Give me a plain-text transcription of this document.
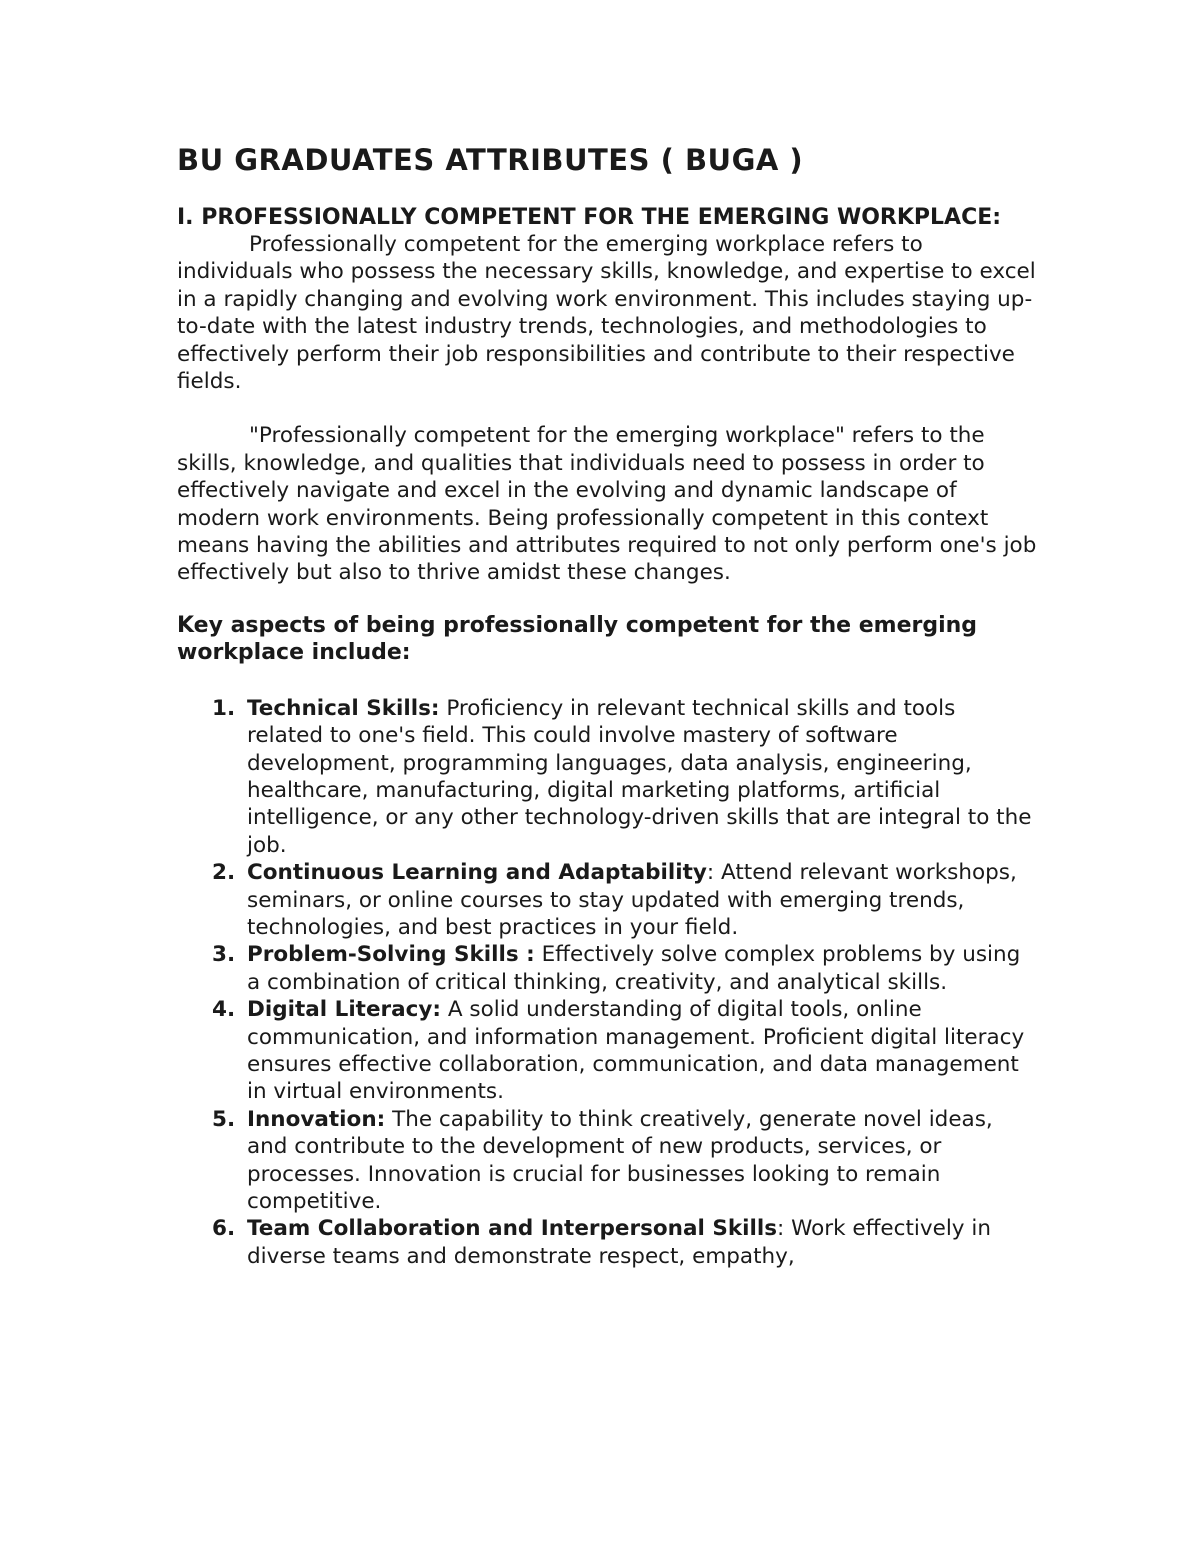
BU GRADUATES ATTRIBUTES ( BUGA )
I. PROFESSIONALLY COMPETENT FOR THE EMERGING WORKPLACE:

Professionally competent for the emerging workplace refers to individuals who possess the necessary skills, knowledge, and expertise to excel in a rapidly changing and evolving work environment. This includes staying up-to-date with the latest industry trends, technologies, and methodologies to effectively perform their job responsibilities and contribute to their respective fields.

"Professionally competent for the emerging workplace" refers to the skills, knowledge, and qualities that individuals need to possess in order to effectively navigate and excel in the evolving and dynamic landscape of modern work environments. Being professionally competent in this context means having the abilities and attributes required to not only perform one's job effectively but also to thrive amidst these changes.

Key aspects of being professionally competent for the emerging workplace include:

1. Technical Skills: Proficiency in relevant technical skills and tools related to one's field. This could involve mastery of software development, programming languages, data analysis, engineering, healthcare, manufacturing, digital marketing platforms, artificial intelligence, or any other technology-driven skills that are integral to the job.
2. Continuous Learning and Adaptability: Attend relevant workshops, seminars, or online courses to stay updated with emerging trends, technologies, and best practices in your field.
3. Problem-Solving Skills : Effectively solve complex problems by using a combination of critical thinking, creativity, and analytical skills.
4. Digital Literacy: A solid understanding of digital tools, online communication, and information management. Proficient digital literacy ensures effective collaboration, communication, and data management in virtual environments.
5. Innovation: The capability to think creatively, generate novel ideas, and contribute to the development of new products, services, or processes. Innovation is crucial for businesses looking to remain competitive.
6. Team Collaboration and Interpersonal Skills: Work effectively in diverse teams and demonstrate respect, empathy,
